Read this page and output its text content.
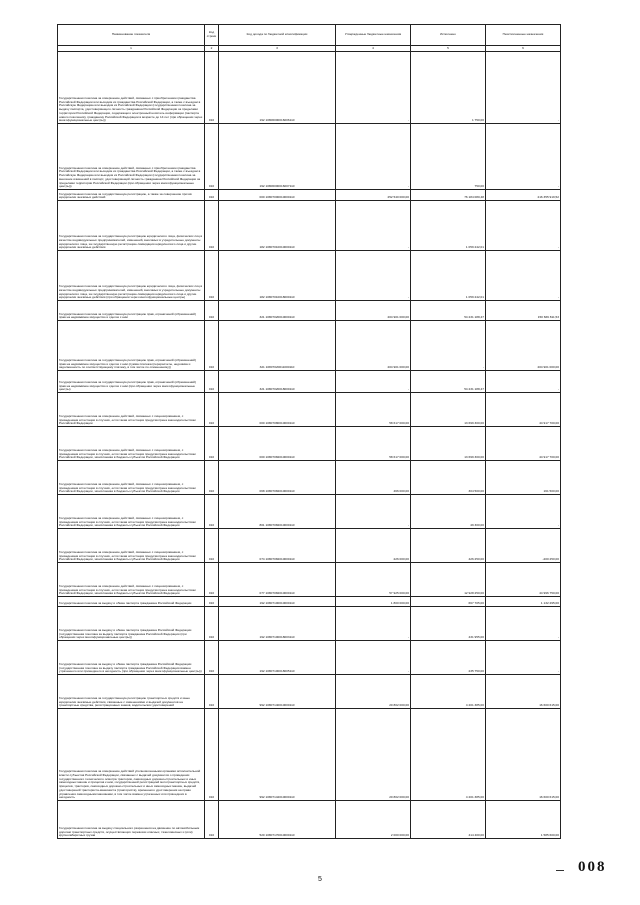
Наименование показателя	Код строки	Код дохода по бюджетной классификации	Утвержденные бюджетные назначения	Исполнено	Неисполненные назначения
1	2	3	4	5	6

Государственная пошлина за совершение действий, связанных с приобретением гражданства Российской Федерации или выходом из гражданства Российской Федерации, а также с въездом в Российскую Федерацию или выездом из Российской Федерации (государственная пошлина за выдачу паспорта, удостоверяющего личность гражданина Российской Федерации за пределами территории Российской Федерации, содержащего электронный носитель информации (паспорта нового поколения), гражданину Российской Федерации в возрасте до 14 лет (при обращении через многофункциональные центры))	010	192 10806000016006110	-	1 750,00	-

Государственная пошлина за совершение действий, связанных с приобретением гражданства Российской Федерации или выходом из гражданства Российской Федерации, а также с въездом в Российскую Федерацию или выездом из Российской Федерации (государственная пошлина за внесение изменений в паспорт, удостоверяющий личность гражданина Российской Федерации за пределами территории Российской Федерации (при обращении через многофункциональные центры))	010	192 10806000016007110	-	750,00	-

Государственная пошлина за государственную регистрацию, а также за совершение прочих юридически значимых действий	010	000 10807000010000110	252 540 000,00	76 184 080,48	216 355 919,52

Государственная пошлина за государственную регистрацию юридического лица, физических лиц в качестве индивидуальных предпринимателей, изменений, вносимых в учредительные документы юридического лица, за государственную регистрацию ликвидации юридического лица и другие юридически значимые действия	010	182 10807010010000110	-	1 059 242,01	-

Государственная пошлина за государственную регистрацию юридического лица, физических лиц в качестве индивидуальных предпринимателей, изменений, вносимых в учредительные документы юридического лица, за государственную регистрацию ликвидации юридического лица и другие юридически значимые действия (при обращении через многофункциональные центры)	010	182 10807010018000110	-	1 059 242,01	-

Государственная пошлина за государственную регистрацию прав, ограничений (обременений) прав на недвижимое имущество и сделок с ним	010	321 10807020010000110	204 901 000,00	54 231 188,47	150 669 811,53

Государственная пошлина за государственную регистрацию прав, ограничений (обременений) прав на недвижимое имущество и сделок с ним (сумма платежа (перерасчеты, недоимка и задолженность по соответствующему платежу, в том числе по отмененному))	010	321 10807020011000110	204 901 000,00	-	204 901 000,00

Государственная пошлина за государственную регистрацию прав, ограничений (обременений) прав на недвижимое имущество и сделок с ним (при обращении через многофункциональные центры)	010	321 10807020018000110	-	54 231 188,47	-

Государственная пошлина за совершение действий, связанных с лицензированием, с проведением аттестации в случаях, если такая аттестация предусмотрена законодательством Российской Федерации	010	000 10807080010000110	58 617 000,00	13 699 300,00	44 917 700,00

Государственная пошлина за совершение действий, связанных с лицензированием, с проведением аттестации в случаях, если такая аттестация предусмотрена законодательством Российской Федерации, зачисляемая в бюджеты субъектов Российской Федерации	010	000 10807082010000110	58 617 000,00	13 699 300,00	44 917 700,00

Государственная пошлина за совершение действий, связанных с лицензированием, с проведением аттестации в случаях, если такая аттестация предусмотрена законодательством Российской Федерации, зачисляемая в бюджеты субъектов Российской Федерации	010	068 10807082010000110	466 000,00	304 500,00	161 500,00

Государственная пошлина за совершение действий, связанных с лицензированием, с проведением аттестации в случаях, если такая аттестация предусмотрена законодательством Российской Федерации, зачисляемая в бюджеты субъектов Российской Федерации	010	801 10807082010000110	-	49 300,00	-

Государственная пошлина за совершение действий, связанных с лицензированием, с проведением аттестации в случаях, если такая аттестация предусмотрена законодательством Российской Федерации, зачисляемая в бюджеты субъектов Российской Федерации	010	074 10807082010000110	226 000,00	426 250,00	-200 250,00

Государственная пошлина за совершение действий, связанных с лицензированием, с проведением аттестации в случаях, если такая аттестация предусмотрена законодательством Российской Федерации, зачисляемая в бюджеты субъектов Российской Федерации	010	077 10807082010000110	57 925 000,00	12 928 250,00	44 996 750,00

Государственная пошлина за выдачу и обмен паспорта гражданина Российской Федерации	010	192 10807100010000110	1 800 000,00	667 705,00	1 132 295,00

Государственная пошлина за выдачу и обмен паспорта гражданина Российской Федерации (государственная пошлина за выдачу паспорта гражданина Российской Федерации (при обращении через многофункциональные центры))	010	192 10807100018003110	-	431 955,00	-

Государственная пошлина за выдачу и обмен паспорта гражданина Российской Федерации (государственная пошлина за выдачу паспорта гражданина Российской Федерации взамен утраченного или пришедшего в негодность (при обращении через многофункциональные центры))	010	192 10807100018005110	-	235 750,00	-

Государственная пошлина за государственную регистрацию транспортных средств и иные юридически значимые действия, связанные с изменениями и выдачей документов на транспортные средства, регистрационных знаков, водительских удостоверений	010	992 10807140010000110	20 802 000,00	4 201 385,00	16 600 615,00

Государственная пошлина за совершение действий уполномоченными органами исполнительной власти субъектов Российской Федерации, связанных с выдачей документов о проведении государственного технического осмотра тракторов, самоходных дорожно-строительных и иных самоходных машин и прицепов к ним, государственной регистрацией мототранспортных средств, прицепов, тракторов, самоходных дорожно-строительных и иных самоходных машин, выдачей удостоверений тракториста-машиниста (тракториста), временного удостоверения на право управления самоходными машинами, в том числе взамен утраченных или пришедших в негодность	010	992 10807142010000110	20 802 000,00	4 201 385,00	16 600 615,00

Государственная пошлина за выдачу специального разрешения на движение по автомобильным дорогам транспортных средств, осуществляющих перевозки опасных, тяжеловесных и (или) крупногабаритных грузов	010	520 10807170010000110	2 000 000,00	414 400,00	1 585 600,00
5
008
